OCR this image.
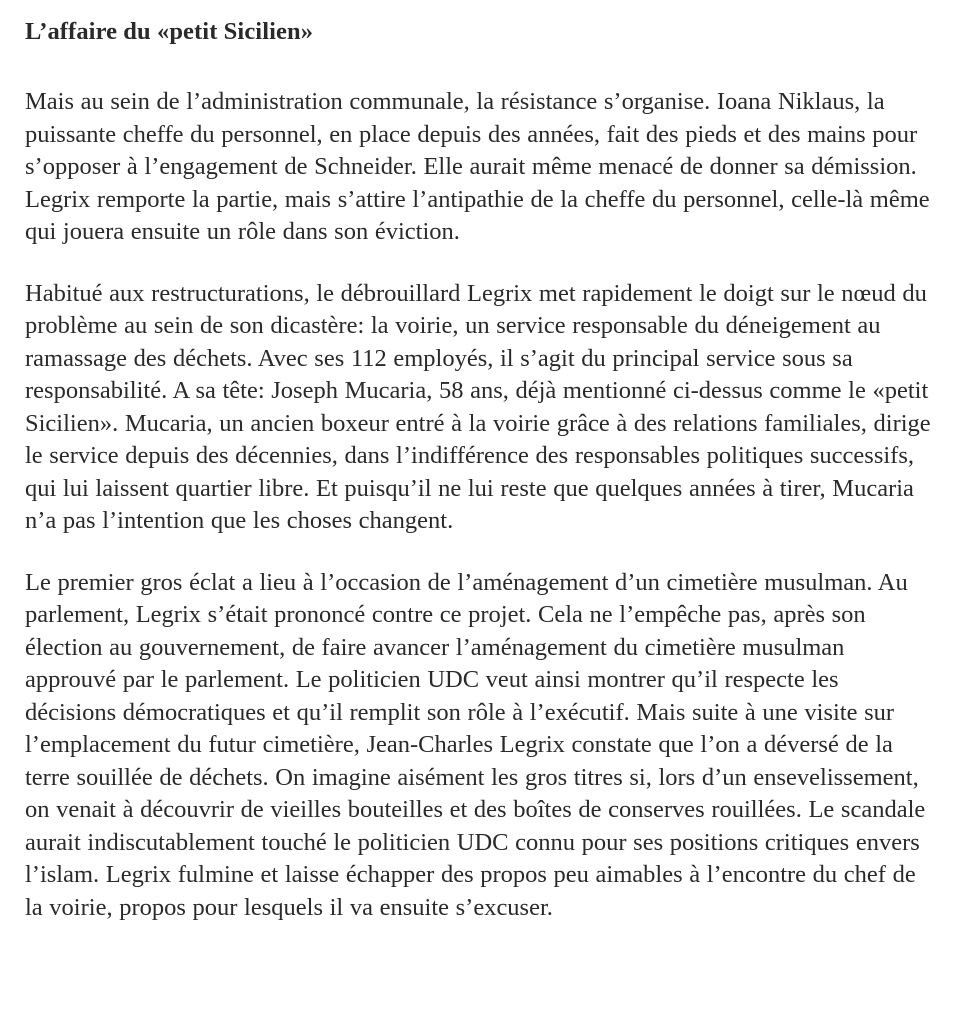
L’affaire du «petit Sicilien»

Mais au sein de l’administration communale, la résistance s’organise. Ioana Niklaus, la puissante cheffe du personnel, en place depuis des années, fait des pieds et des mains pour s’opposer à l’engagement de Schneider. Elle aurait même menacé de donner sa démission. Legrix remporte la partie, mais s’attire l’antipathie de la cheffe du personnel, celle-là même qui jouera ensuite un rôle dans son éviction.

Habitué aux restructurations, le débrouillard Legrix met rapidement le doigt sur le nœud du problème au sein de son dicastère: la voirie, un service responsable du déneigement au ramassage des déchets. Avec ses 112 employés, il s’agit du principal service sous sa responsabilité. A sa tête: Joseph Mucaria, 58 ans, déjà mentionné ci-dessus comme le «petit Sicilien». Mucaria, un ancien boxeur entré à la voirie grâce à des relations familiales, dirige le service depuis des décennies, dans l’indifférence des responsables politiques successifs, qui lui laissent quartier libre. Et puisqu’il ne lui reste que quelques années à tirer, Mucaria n’a pas l’intention que les choses changent.

Le premier gros éclat a lieu à l’occasion de l’aménagement d’un cimetière musulman. Au parlement, Legrix s’était prononcé contre ce projet. Cela ne l’empêche pas, après son élection au gouvernement, de faire avancer l’aménagement du cimetière musulman approuvé par le parlement. Le politicien UDC veut ainsi montrer qu’il respecte les décisions démocratiques et qu’il remplit son rôle à l’exécutif. Mais suite à une visite sur l’emplacement du futur cimetière, Jean-Charles Legrix constate que l’on a déversé de la terre souillée de déchets. On imagine aisément les gros titres si, lors d’un ensevelissement, on venait à découvrir de vieilles bouteilles et des boîtes de conserves rouillées. Le scandale aurait indiscutablement touché le politicien UDC connu pour ses positions critiques envers l’islam. Legrix fulmine et laisse échapper des propos peu aimables à l’encontre du chef de la voirie, propos pour lesquels il va ensuite s’excuser.
